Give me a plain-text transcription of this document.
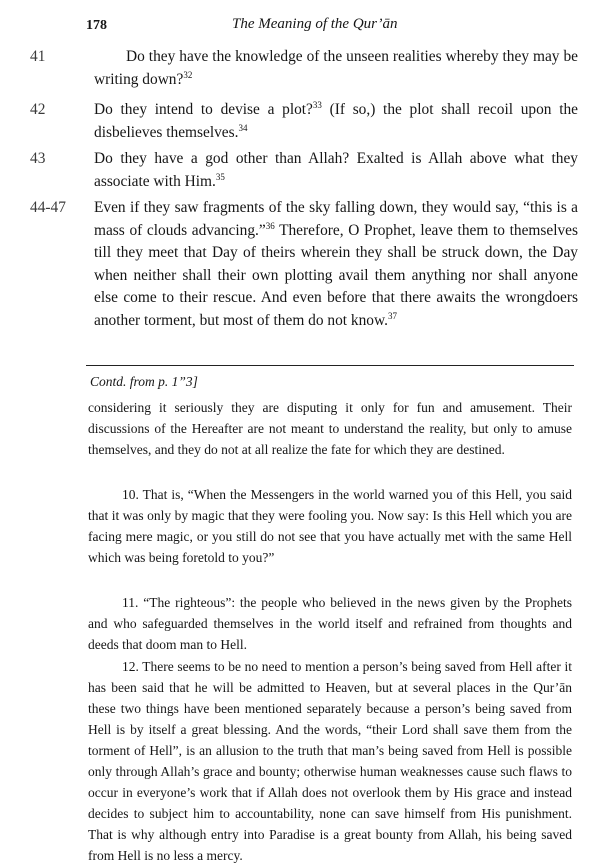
178	The Meaning of the Qur’ān
41	Do they have the knowledge of the unseen realities whereby they may be writing down?$^{32}$
42	Do they intend to devise a plot?$^{33}$ (If so,) the plot shall recoil upon the disbelieves themselves.$^{34}$
43	Do they have a god other than Allah? Exalted is Allah above what they associate with Him.$^{35}$
44-47	Even if they saw fragments of the sky falling down, they would say, “this is a mass of clouds advancing.”$^{36}$ Therefore, O Prophet, leave them to themselves till they meet that Day of theirs wherein they shall be struck down, the Day when neither shall their own plotting avail them anything nor shall anyone else come to their rescue. And even before that there awaits the wrongdoers another torment, but most of them do not know.$^{37}$
Contd. from p. 1”3]
considering it seriously they are disputing it only for fun and amusement. Their discussions of the Hereafter are not meant to understand the reality, but only to amuse themselves, and they do not at all realize the fate for which they are destined.
10. That is, “When the Messengers in the world warned you of this Hell, you said that it was only by magic that they were fooling you. Now say: Is this Hell which you are facing mere magic, or you still do not see that you have actually met with the same Hell which was being foretold to you?”
11. “The righteous”: the people who believed in the news given by the Prophets and who safeguarded themselves in the world itself and refrained from thoughts and deeds that doom man to Hell.
12. There seems to be no need to mention a person’s being saved from Hell after it has been said that he will be admitted to Heaven, but at several places in the Qur’ān these two things have been mentioned separately because a person’s being saved from Hell is by itself a great blessing. And the words, “their Lord shall save them from the torment of Hell”, is an allusion to the truth that man’s being saved from Hell is possible only through Allah’s grace and bounty; otherwise human weaknesses cause such flaws to occur in everyone’s work that if Allah does not overlook them by His grace and instead decides to subject him to accountability, none can save himself from His punishment. That is why although entry into Paradise is a great bounty from Allah, his being saved from Hell is no less a mercy.
